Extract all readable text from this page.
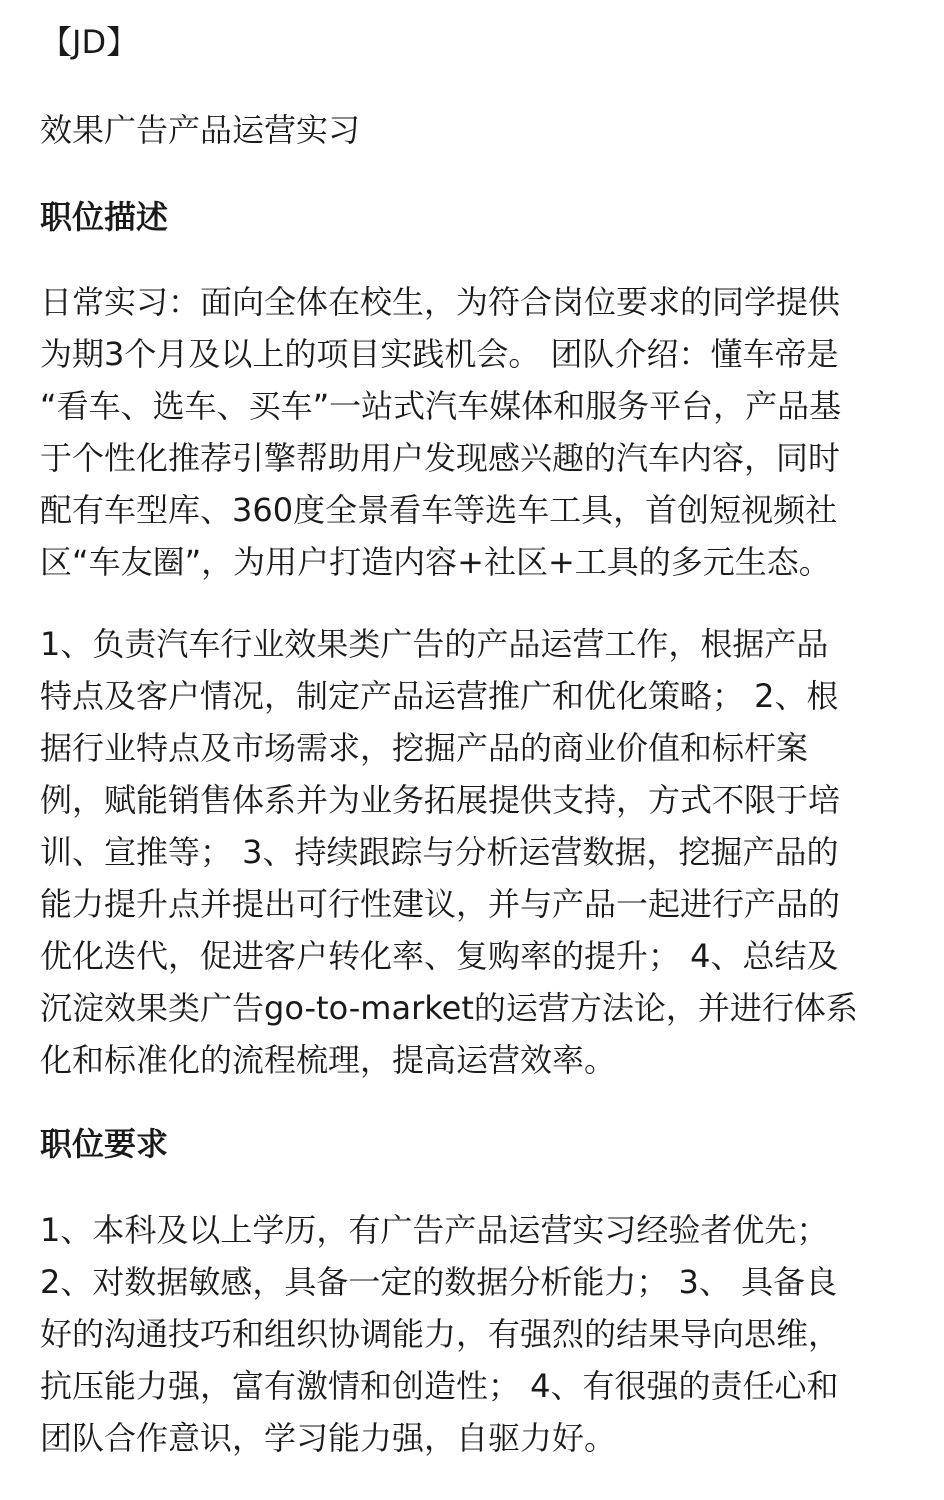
【JD】
效果广告产品运营实习
职位描述
日常实习：面向全体在校生，为符合岗位要求的同学提供
为期3个月及以上的项目实践机会。 团队介绍：懂车帝是
“看车、选车、买车”一站式汽车媒体和服务平台，产品基
于个性化推荐引擎帮助用户发现感兴趣的汽车内容，同时
配有车型库、360度全景看车等选车工具，首创短视频社
区“车友圈”，为用户打造内容+社区+工具的多元生态。
1、负责汽车行业效果类广告的产品运营工作，根据产品
特点及客户情况，制定产品运营推广和优化策略； 2、根
据行业特点及市场需求，挖掘产品的商业价值和标杆案
例，赋能销售体系并为业务拓展提供支持，方式不限于培
训、宣推等； 3、持续跟踪与分析运营数据，挖掘产品的
能力提升点并提出可行性建议，并与产品一起进行产品的
优化迭代，促进客户转化率、复购率的提升； 4、总结及
沉淀效果类广告go-to-market的运营方法论，并进行体系
化和标准化的流程梳理，提高运营效率。
职位要求
1、本科及以上学历，有广告产品运营实习经验者优先；
2、对数据敏感，具备一定的数据分析能力； 3、 具备良
好的沟通技巧和组织协调能力，有强烈的结果导向思维，
抗压能力强，富有激情和创造性； 4、有很强的责任心和
团队合作意识，学习能力强，自驱力好。
